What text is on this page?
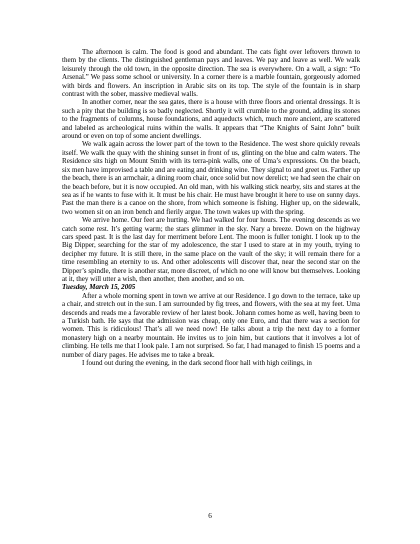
The afternoon is calm. The food is good and abundant. The cats fight over leftovers thrown to them by the clients. The distinguished gentleman pays and leaves. We pay and leave as well. We walk leisurely through the old town, in the opposite direction. The sea is everywhere. On a wall, a sign: “To Arsenal.” We pass some school or university. In a corner there is a marble fountain, gorgeously adorned with birds and flowers. An inscription in Arabic sits on its top. The style of the fountain is in sharp contrast with the sober, massive medieval walls.

In another corner, near the sea gates, there is a house with three floors and oriental dressings. It is such a pity that the building is so badly neglected. Shortly it will crumble to the ground, adding its stones to the fragments of columns, house foundations, and aqueducts which, much more ancient, are scattered and labeled as archeological ruins within the walls. It appears that “The Knights of Saint John” built around or even on top of some ancient dwellings.

We walk again across the lower part of the town to the Residence. The west shore quickly reveals itself. We walk the quay with the shining sunset in front of us, glinting on the blue and calm waters. The Residence sits high on Mount Smith with its terra-pink walls, one of Uma’s expressions. On the beach, six men have improvised a table and are eating and drinking wine. They signal to and greet us. Farther up the beach, there is an armchair, a dining room chair, once solid but now derelict; we had seen the chair on the beach before, but it is now occupied. An old man, with his walking stick nearby, sits and stares at the sea as if he wants to fuse with it. It must be his chair. He must have brought it here to use on sunny days. Past the man there is a canoe on the shore, from which someone is fishing. Higher up, on the sidewalk, two women sit on an iron bench and fierily argue. The town wakes up with the spring.

We arrive home. Our feet are hurting. We had walked for four hours. The evening descends as we catch some rest. It’s getting warm; the stars glimmer in the sky. Nary a breeze. Down on the highway cars speed past. It is the last day for merriment before Lent. The moon is fuller tonight. I look up to the Big Dipper, searching for the star of my adolescence, the star I used to stare at in my youth, trying to decipher my future. It is still there, in the same place on the vault of the sky; it will remain there for a time resembling an eternity to us. And other adolescents will discover that, near the second star on the Dipper’s spindle, there is another star, more discreet, of which no one will know but themselves. Looking at it, they will utter a wish, then another, then another, and so on.

Tuesday, March 15, 2005

After a whole morning spent in town we arrive at our Residence. I go down to the terrace, take up a chair, and stretch out in the sun. I am surrounded by fig trees, and flowers, with the sea at my feet. Uma descends and reads me a favorable review of her latest book. Johann comes home as well, having been to a Turkish bath. He says that the admission was cheap, only one Euro, and that there was a section for women. This is ridiculous! That’s all we need now! He talks about a trip the next day to a former monastery high on a nearby mountain. He invites us to join him, but cautions that it involves a lot of climbing. He tells me that I look pale. I am not surprised. So far, I had managed to finish 15 poems and a number of diary pages. He advises me to take a break.

I found out during the evening, in the dark second floor hall with high ceilings, in

6
